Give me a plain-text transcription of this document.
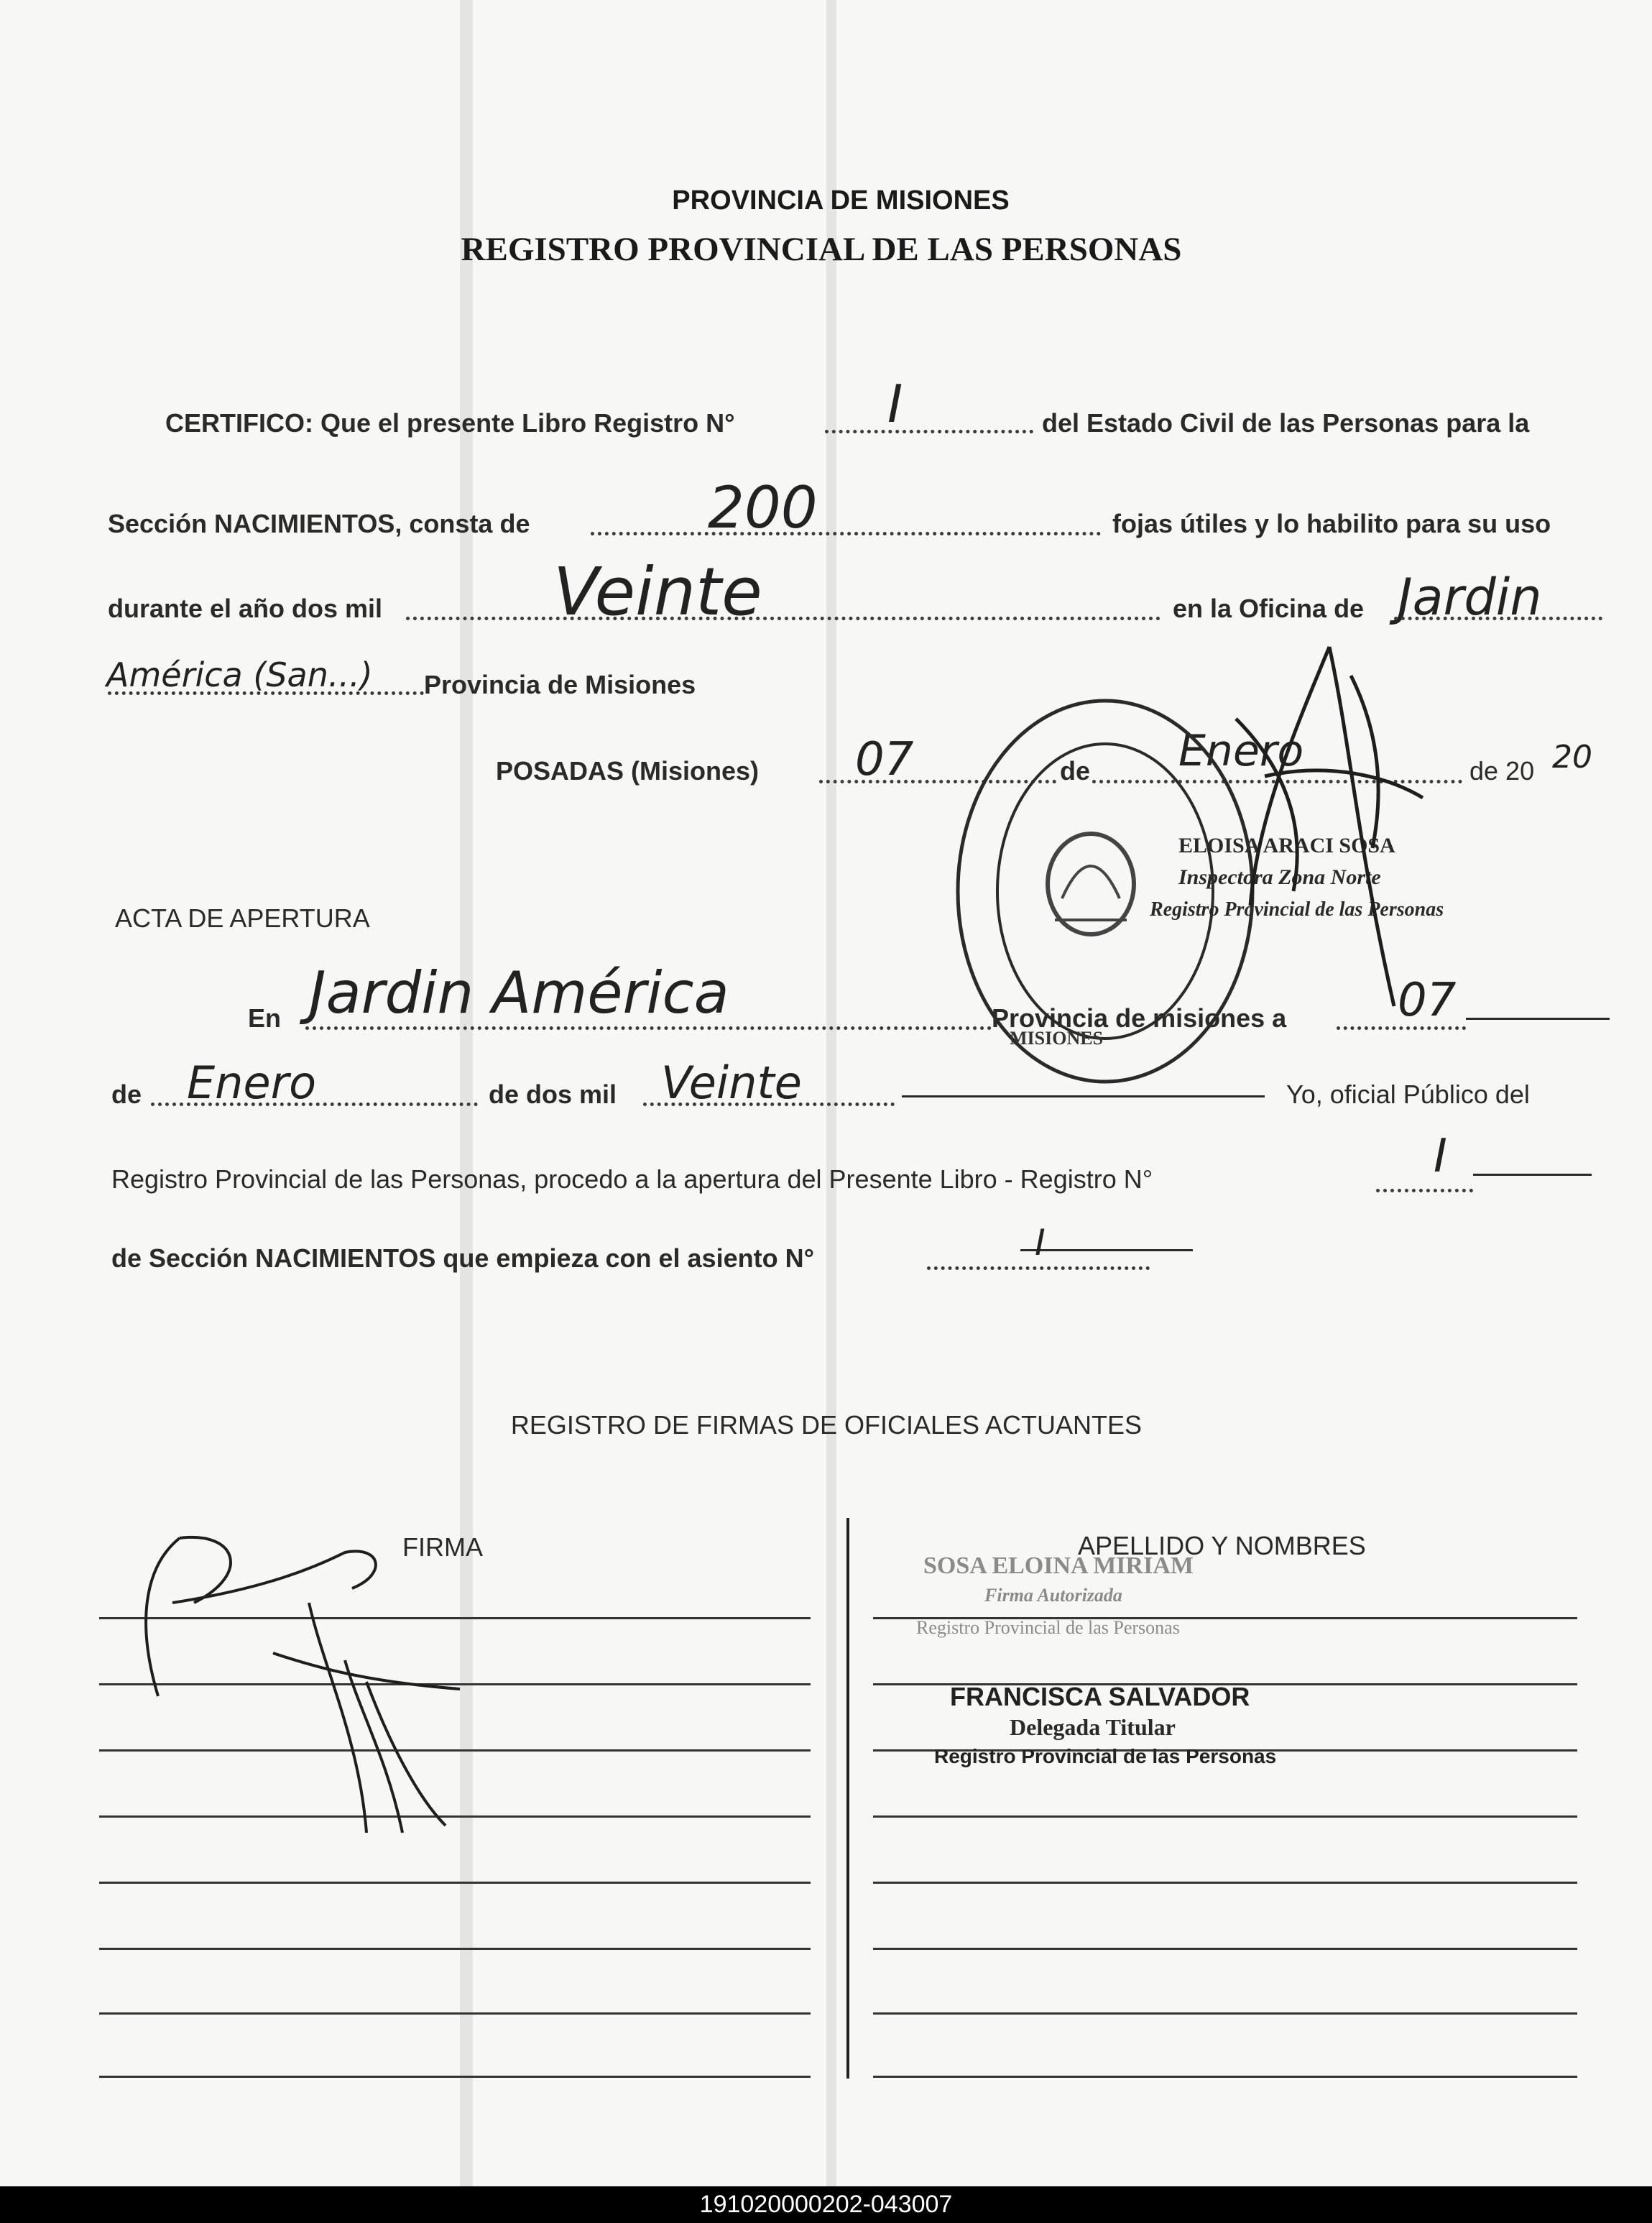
PROVINCIA DE MISIONES
REGISTRO PROVINCIAL DE LAS PERSONAS
CERTIFICO: Que el presente Libro Registro N°	I	del Estado Civil de las Personas para la
Sección NACIMIENTOS, consta de	200	fojas útiles y lo habilito para su uso
durante el año dos mil	Veinte	en la Oficina de Jardin
América (San...) Provincia de Misiones
POSADAS (Misiones) 07	de Enero	de 20 20
MISIONES
ELOISA ARACI SOSA
Inspectora Zona Norte
Registro Provincial de las Personas
ACTA DE APERTURA
En Jardin América	Provincia de misiones a 07
de Enero	de dos mil Veinte	Yo, oficial Público del
Registro Provincial de las Personas, procedo a la apertura del Presente Libro - Registro N°	I
de Sección NACIMIENTOS que empieza con el asiento N°	I
REGISTRO DE FIRMAS DE OFICIALES ACTUANTES
FIRMA	APELLIDO Y NOMBRES
SOSA ELOINA MIRIAM
Firma Autorizada
Registro Provincial de las Personas
FRANCISCA SALVADOR
Delegada Titular
Registro Provincial de las Personas
191020000202-043007
